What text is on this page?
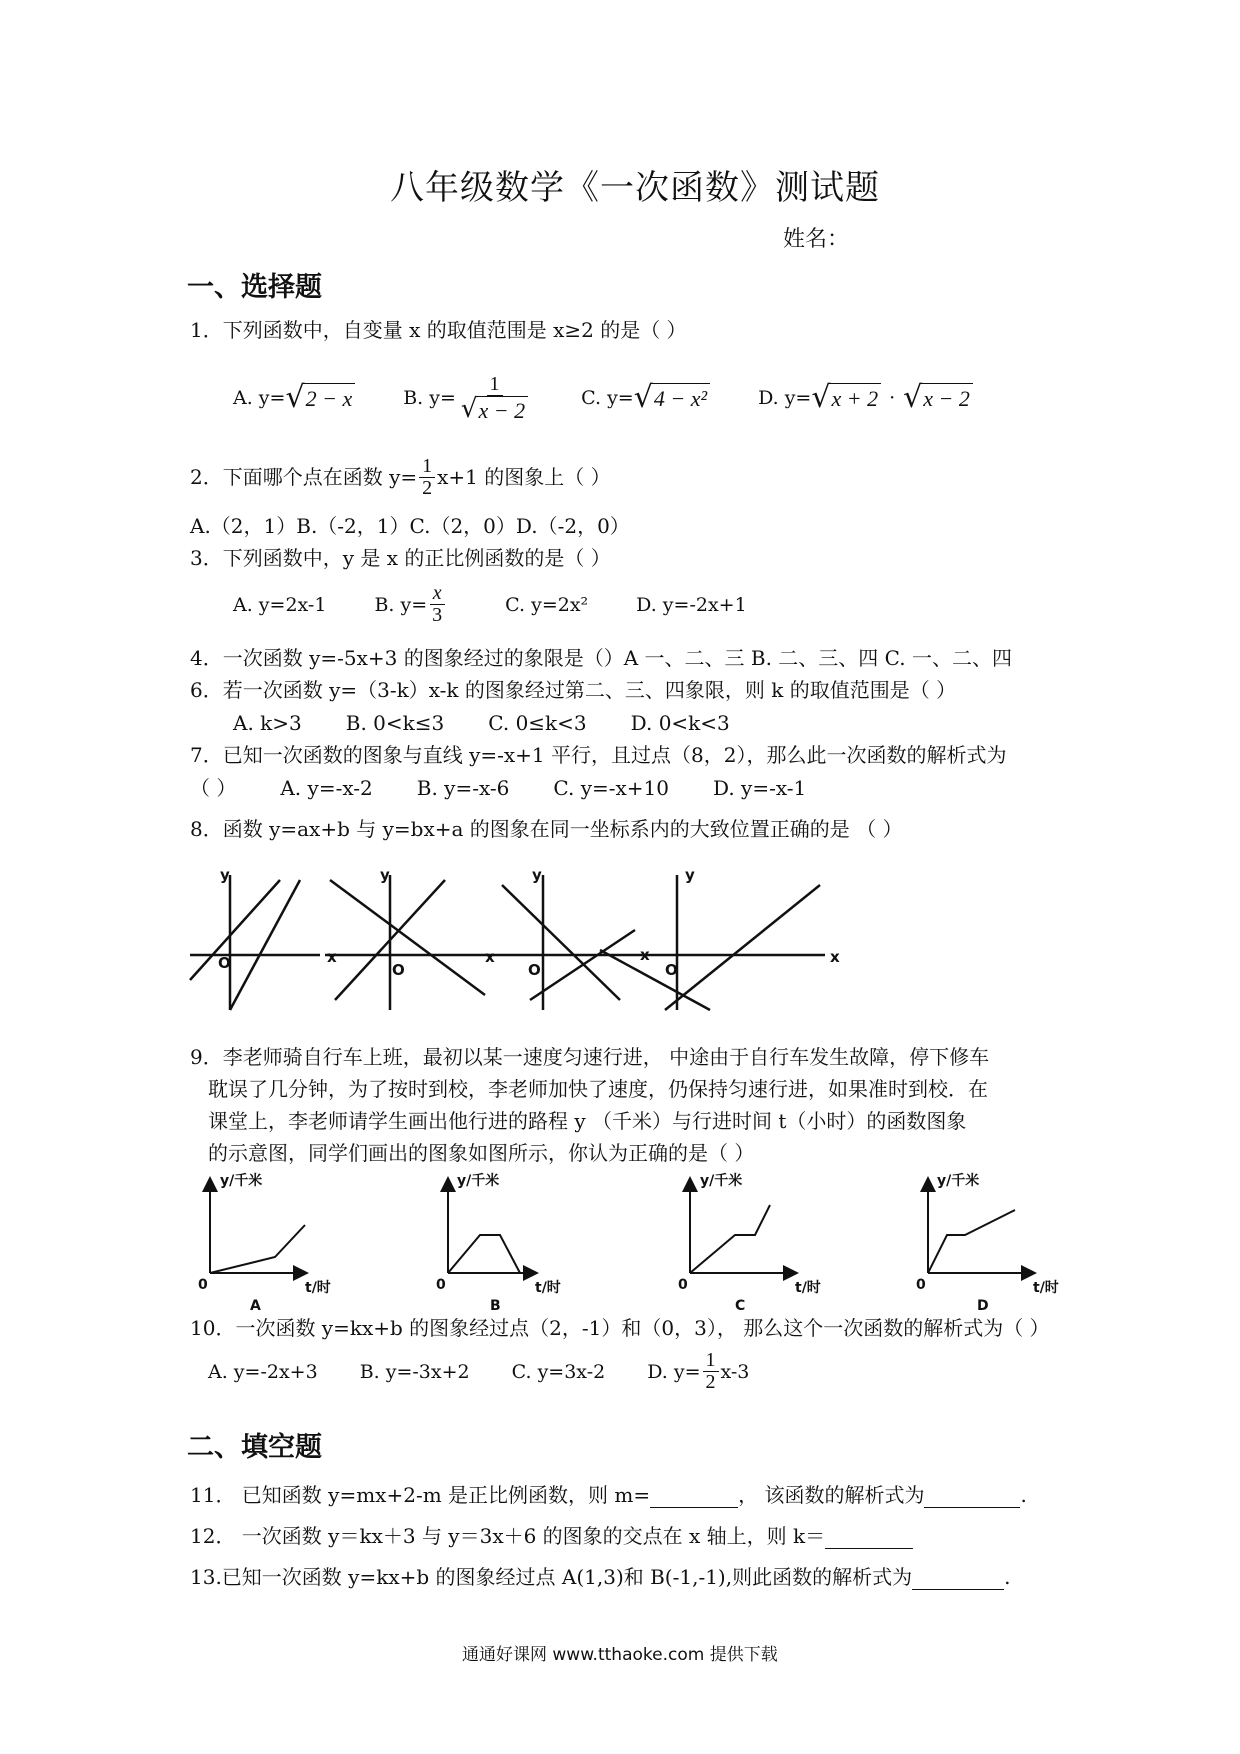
八年级数学《一次函数》测试题
姓名：
一、选择题
1．下列函数中，自变量 x 的取值范围是 x≥2 的是（ ）
A. y= √ 2 − x	B. $y= \frac{1}{√ x - 2}$	C. y= √ 4 − x²	D. y= √ x + 2 · √ x − 2
2．下面哪个点在函数 $y= \frac{1}{2} x+1$ 的图象上（ ）
A.（2，1）B.（-2，1）C.（2，0）D.（-2，0）
3．下列函数中，y 是 x 的正比例函数的是（ ）
A. y=2x-1	B. $y= \frac{x}{3}$	C. y=2x²	D. y=-2x+1
4．一次函数 y=-5x+3 的图象经过的象限是（）A 一、二、三 B. 二、三、四 C. 一、二、四
6．若一次函数 y=（3-k）x-k 的图象经过第二、三、四象限，则 k 的取值范围是（ ）
A. k>3 B. 0<k≤3 C. 0≤k<3 D. 0<k<3
7．已知一次函数的图象与直线 y=-x+1 平行，且过点（8，2），那么此一次函数的解析式为
（ ） A. y=-x-2 B. y=-x-6 C. y=-x+10 D. y=-x-1
8．函数 y=ax+b 与 y=bx+a 的图象在同一坐标系内的大致位置正确的是 （ ）
y
x
O
y
x
O
y
x
O
y
x
O
9．李老师骑自行车上班，最初以某一速度匀速行进， 中途由于自行车发生故障，停下修车
耽误了几分钟，为了按时到校，李老师加快了速度，仍保持匀速行进，如果准时到校．在
课堂上，李老师请学生画出他行进的路程 y （千米）与行进时间 t（小时）的函数图象
的示意图，同学们画出的图象如图所示，你认为正确的是（ ）
y/千米
t/时
0
A
y/千米
t/时
0
B
y/千米
t/时
0
C
y/千米
t/时
0
D
10．一次函数 y=kx+b 的图象经过点（2，-1）和（0，3）， 那么这个一次函数的解析式为（ ）
A. y=-2x+3 B. y=-3x+2 C. y=3x-2 D. $y= \frac{1}{2} x-3$
二、填空题
11． 已知函数 y=mx+2-m 是正比例函数，则 m=	， 该函数的解析式为	.
12． 一次函数 y＝kx＋3 与 y＝3x＋6 的图象的交点在 x 轴上，则 k＝
13.已知一次函数 y=kx+b 的图象经过点 A(1,3)和 B(-1,-1),则此函数的解析式为	.
通通好课网 www.tthaoke.com 提供下载
